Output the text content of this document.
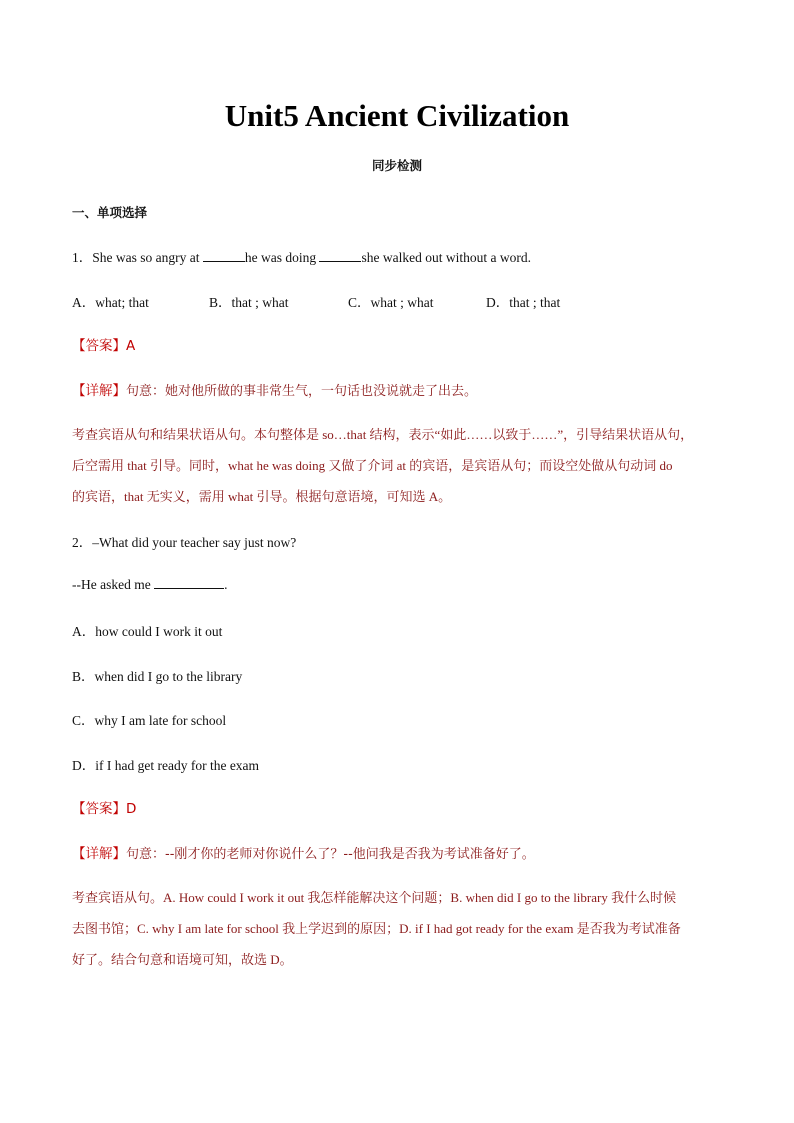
Unit5 Ancient Civilization
同步检测
一、单项选择
1．She was so angry at	he was doing	she walked out without a word.
A．what; that	B．that ; what	C．what ; what	D．that ; that
【答案】A
【详解】句意：她对他所做的事非常生气，一句话也没说就走了出去。
考查宾语从句和结果状语从句。本句整体是 so…that 结构，表示“如此……以致于……”，引导结果状语从句，
后空需用 that 引导。同时，what he was doing 又做了介词 at 的宾语，是宾语从句；而设空处做从句动词 do
的宾语，that 无实义，需用 what 引导。根据句意语境，可知选 A。
2．–What did your teacher say just now?
--He asked me	.
A．how could I work it out
B．when did I go to the library
C．why I am late for school
D．if I had get ready for the exam
【答案】D
【详解】句意：--刚才你的老师对你说什么了？--他问我是否我为考试准备好了。
考查宾语从句。A. How could I work it out 我怎样能解决这个问题；B. when did I go to the library 我什么时候
去图书馆；C. why I am late for school 我上学迟到的原因；D. if I had got ready for the exam 是否我为考试准备
好了。结合句意和语境可知，故选 D。
